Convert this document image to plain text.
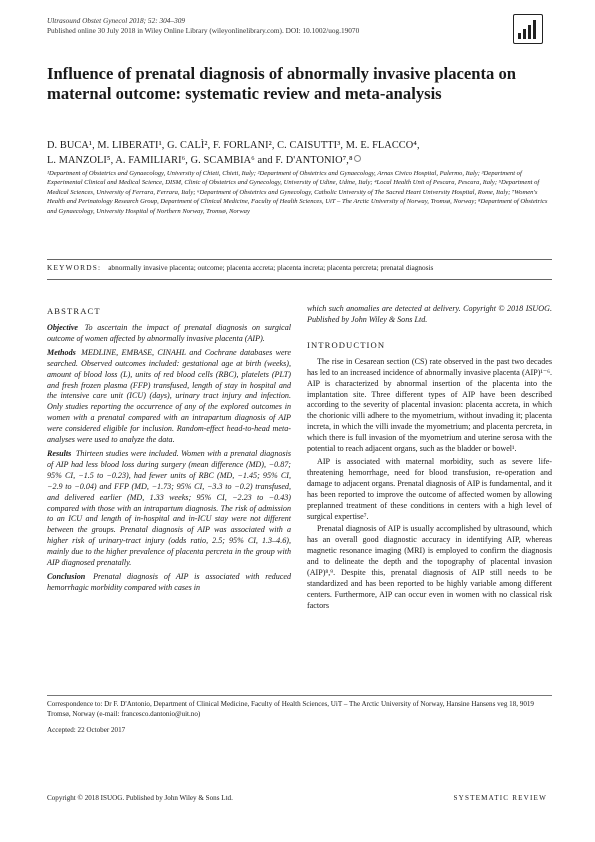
Ultrasound Obstet Gynecol 2018; 52: 304–309
Published online 30 July 2018 in Wiley Online Library (wileyonlinelibrary.com). DOI: 10.1002/uog.19070
Influence of prenatal diagnosis of abnormally invasive placenta on maternal outcome: systematic review and meta-analysis
D. BUCA¹, M. LIBERATI¹, G. CALÌ², F. FORLANI², C. CAISUTTI³, M. E. FLACCO⁴,
L. MANZOLI⁵, A. FAMILIARI⁶, G. SCAMBIA⁶ and F. D'ANTONIO⁷,⁸
¹Department of Obstetrics and Gynaecology, University of Chieti, Chieti, Italy; ²Department of Obstetrics and Gynaecology, Arnas Civico Hospital, Palermo, Italy; ³Department of Experimental Clinical and Medical Science, DISM, Clinic of Obstetrics and Gynecology, University of Udine, Udine, Italy; ⁴Local Health Unit of Pescara, Pescara, Italy; ⁵Department of Medical Sciences, University of Ferrara, Ferrara, Italy; ⁶Department of Obstetrics and Gynecology, Catholic University of The Sacred Heart University Hospital, Rome, Italy; ⁷Women's Health and Perinatology Research Group, Department of Clinical Medicine, Faculty of Health Sciences, UiT – The Arctic University of Norway, Tromsø, Norway; ⁸Department of Obstetrics and Gynaecology, University Hospital of Northern Norway, Tromsø, Norway
KEYWORDS: abnormally invasive placenta; outcome; placenta accreta; placenta increta; placenta percreta; prenatal diagnosis
ABSTRACT

Objective To ascertain the impact of prenatal diagnosis on surgical outcome of women affected by abnormally invasive placenta (AIP).

Methods MEDLINE, EMBASE, CINAHL and Cochrane databases were searched. Observed outcomes included: gestational age at birth (weeks), amount of blood loss (L), units of red blood cells (RBC), platelets (PLT) and fresh frozen plasma (FFP) transfused, length of stay in hospital and the intensive care unit (ICU) (days), urinary tract injury and infection. Only studies reporting the occurrence of any of the explored outcomes in women with a prenatal compared with an intrapartum diagnosis of AIP were considered eligible for inclusion. Random-effect head-to-head meta-analyses were used to analyze the data.

Results Thirteen studies were included. Women with a prenatal diagnosis of AIP had less blood loss during surgery (mean difference (MD), −0.87; 95% CI, −1.5 to −0.23), had fewer units of RBC (MD, −1.45; 95% CI, −2.9 to −0.04) and FFP (MD, −1.73; 95% CI, −3.3 to −0.2) transfused, and delivered earlier (MD, 1.33 weeks; 95% CI, −2.23 to −0.43) compared with those with an intrapartum diagnosis. The risk of admission to an ICU and length of in-hospital and in-ICU stay were not different between the groups. Prenatal diagnosis of AIP was associated with a higher risk of urinary-tract injury (odds ratio, 2.5; 95% CI, 1.3–4.6), mainly due to the higher prevalence of placenta percreta in the group with AIP diagnosed prenatally.

Conclusion Prenatal diagnosis of AIP is associated with reduced hemorrhagic morbidity compared with cases in

which such anomalies are detected at delivery. Copyright © 2018 ISUOG. Published by John Wiley & Sons Ltd.

INTRODUCTION

The rise in Cesarean section (CS) rate observed in the past two decades has led to an increased incidence of abnormally invasive placenta (AIP)¹⁻⁶. AIP is characterized by abnormal insertion of the placenta into the implantation site. Three different types of AIP have been described according to the severity of placental invasion: placenta accreta, in which the chorionic villi adhere to the myometrium, without invading it; placenta increta, in which the villi invade the myometrium; and placenta percreta, in which there is full invasion of the myometrium and uterine serosa with the potential to reach adjacent organs, such as the bladder or bowel¹.

AIP is associated with maternal morbidity, such as severe life-threatening hemorrhage, need for blood transfusion, re-operation and damage to adjacent organs. Prenatal diagnosis of AIP is fundamental, and it has been reported to improve the outcome of affected women by allowing preplanned treatment of these conditions in centers with a high level of surgical expertise⁷.

Prenatal diagnosis of AIP is usually accomplished by ultrasound, which has an overall good diagnostic accuracy in identifying AIP, whereas magnetic resonance imaging (MRI) is employed to confirm the diagnosis and to delineate the depth and the topography of placental invasion (AIP)⁸,⁹. Despite this, prenatal diagnosis of AIP still needs to be standardized and has been reported to be highly variable among different centers. Furthermore, AIP can occur even in women with no classical risk factors

Correspondence to: Dr F. D'Antonio, Department of Clinical Medicine, Faculty of Health Sciences, UiT – The Arctic University of Norway, Hansine Hansens veg 18, 9019 Tromsø, Norway (e-mail: francesco.dantonio@uit.no)
Accepted: 22 October 2017
Copyright © 2018 ISUOG. Published by John Wiley & Sons Ltd.	SYSTEMATIC REVIEW
